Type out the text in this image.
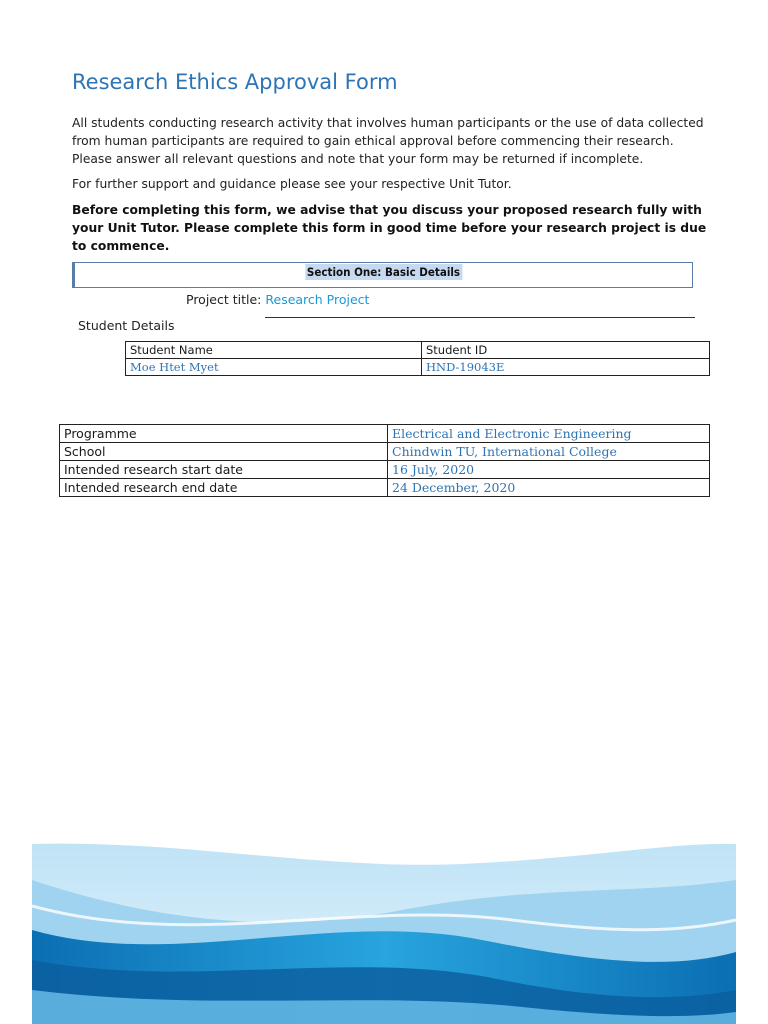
Research Ethics Approval Form

All students conducting research activity that involves human participants or the use of data collected from human participants are required to gain ethical approval before commencing their research. Please answer all relevant questions and note that your form may be returned if incomplete.

For further support and guidance please see your respective Unit Tutor.

Before completing this form, we advise that you discuss your proposed research fully with your Unit Tutor. Please complete this form in good time before your research project is due to commence.

Section One: Basic Details
Project title: Research Project
Student Details
Student Name	Student ID
Moe Htet Myet	HND-19043E
Programme	Electrical and Electronic Engineering
School	Chindwin TU, International College
Intended research start date	16 July, 2020
Intended research end date	24 December, 2020
